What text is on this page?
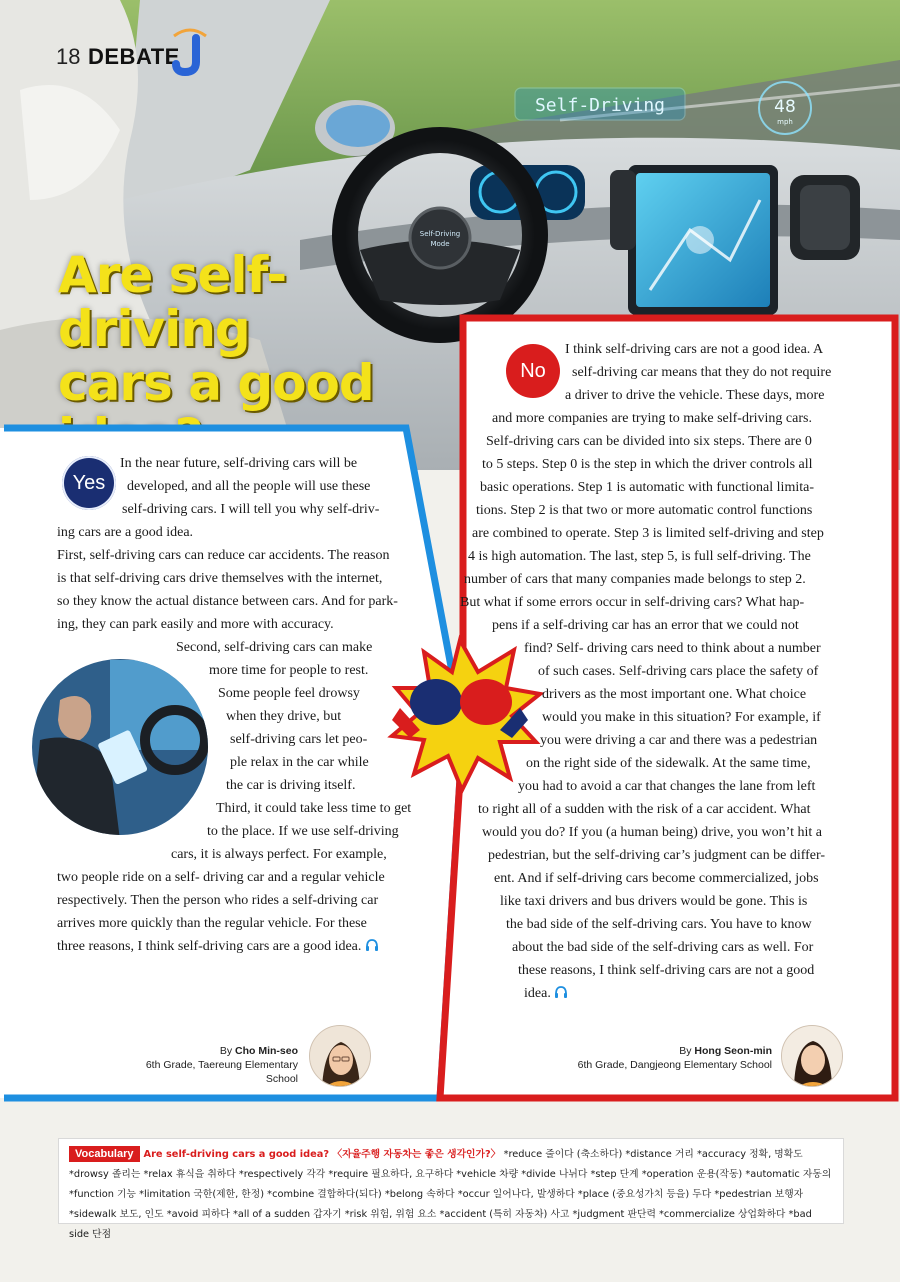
Self-Driving
Mode
Self-Driving	48
mph
18 DEBATE
Are self-driving
cars a good
Yes

In the near future, self-driving cars will be

developed, and all the people will use these

self-driving cars. I will tell you why self-driv-

ing cars are a good idea.

First, self-driving cars can reduce car accidents. The reason

is that self-driving cars drive themselves with the internet,

so they know the actual distance between cars. And for park-

ing, they can park easily and more with accuracy.

Second, self-driving cars can make

more time for people to rest.

Some people feel drowsy

when they drive, but

self-driving cars let peo-

ple relax in the car while

the car is driving itself.

Third, it could take less time to get

to the place. If we use self-driving

cars, it is always perfect. For example,

two people ride on a self- driving car and a regular vehicle

respectively. Then the person who rides a self-driving car

arrives more quickly than the regular vehicle. For these

three reasons, I think self-driving cars are a good idea.

By Cho Min-seo
6th Grade, Taereung Elementary School
No

I think self-driving cars are not a good idea. A

self-driving car means that they do not require

a driver to drive the vehicle. These days, more

and more companies are trying to make self-driving cars.

Self-driving cars can be divided into six steps. There are 0

to 5 steps. Step 0 is the step in which the driver controls all

basic operations. Step 1 is automatic with functional limita-

tions. Step 2 is that two or more automatic control functions

are combined to operate. Step 3 is limited self-driving and step

4 is high automation. The last, step 5, is full self-driving. The

number of cars that many companies made belongs to step 2.

But what if some errors occur in self-driving cars? What hap-

pens if a self-driving car has an error that we could not

find? Self- driving cars need to think about a number

of such cases. Self-driving cars place the safety of

drivers as the most important one. What choice

would you make in this situation? For example, if

you were driving a car and there was a pedestrian

on the right side of the sidewalk. At the same time,

you had to avoid a car that changes the lane from left

to right all of a sudden with the risk of a car accident. What

would you do? If you (a human being) drive, you won’t hit a

pedestrian, but the self-driving car’s judgment can be differ-

ent. And if self-driving cars become commercialized, jobs

like taxi drivers and bus drivers would be gone. This is

the bad side of the self-driving cars. You have to know

about the bad side of the self-driving cars as well. For

these reasons, I think self-driving cars are not a good

idea.

By Hong Seon-min
6th Grade, Dangjeong Elementary School
Vocabulary Are self-driving cars a good idea? 〈자율주행 자동차는 좋은 생각인가?〉 *reduce 줄이다 (축소하다) *distance 거리 *accuracy 정확, 명확도 *drowsy 졸리는 *relax 휴식을 취하다 *respectively 각각 *require 필요하다, 요구하다 *vehicle 차량 *divide 나뉘다 *step 단계 *operation 운용(작동) *automatic 자동의 *function 기능 *limitation 국한(제한, 한정) *combine 결합하다(되다) *belong 속하다 *occur 일어나다, 발생하다 *place (중요성가치 등을) 두다 *pedestrian 보행자 *sidewalk 보도, 인도 *avoid 피하다 *all of a sudden 갑자기 *risk 위험, 위험 요소 *accident (특히 자동차) 사고 *judgment 판단력 *commercialize 상업화하다 *bad side 단점
